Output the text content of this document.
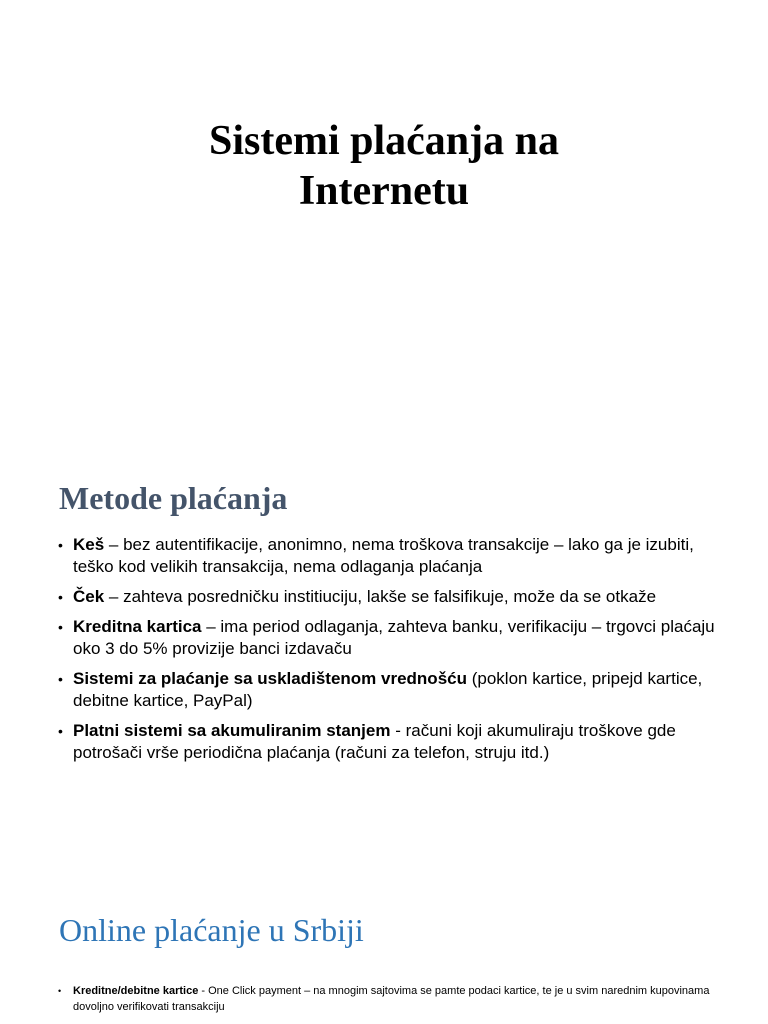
Sistemi plaćanja na
Internetu
Metode plaćanja
• Keš – bez autentifikacije, anonimno, nema troškova transakcije – lako ga je izubiti, teško kod velikih transakcija, nema odlaganja plaćanja
• Ček – zahteva posredničku institiuciju, lakše se falsifikuje, može da se otkaže
• Kreditna kartica – ima period odlaganja, zahteva banku, verifikaciju – trgovci plaćaju oko 3 do 5% provizije banci izdavaču
• Sistemi za plaćanje sa uskladištenom vrednošću (poklon kartice, pripejd kartice, debitne kartice, PayPal)
• Platni sistemi sa akumuliranim stanjem - računi koji akumuliraju troškove gde potrošači vrše periodična plaćanja (računi za telefon, struju itd.)
Online plaćanje u Srbiji
• Kreditne/debitne kartice - One Click payment – na mnogim sajtovima se pamte podaci kartice, te je u svim narednim kupovinama dovoljno verifikovati transakciju
